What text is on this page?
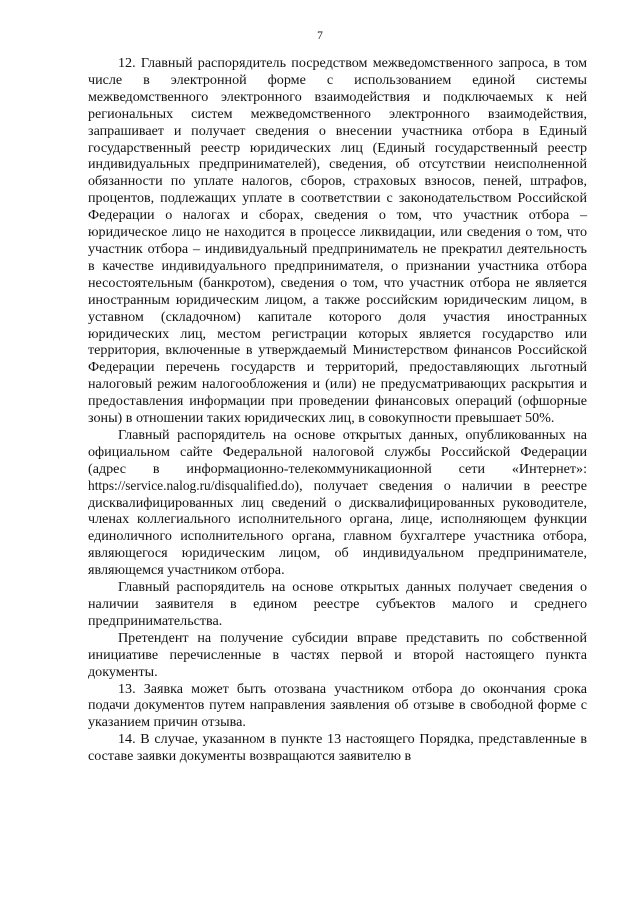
7

12. Главный распорядитель посредством межведомственного запроса, в том числе в электронной форме с использованием единой системы межведомственного электронного взаимодействия и подключаемых к ней региональных систем межведомственного электронного взаимодействия, запрашивает и получает сведения о внесении участника отбора в Единый государственный реестр юридических лиц (Единый государственный реестр индивидуальных предпринимателей), сведения, об отсутствии неисполненной обязанности по уплате налогов, сборов, страховых взносов, пеней, штрафов, процентов, подлежащих уплате в соответствии с законодательством Российской Федерации о налогах и сборах, сведения о том, что участник отбора – юридическое лицо не находится в процессе ликвидации, или сведения о том, что участник отбора – индивидуальный предприниматель не прекратил деятельность в качестве индивидуального предпринимателя, о признании участника отбора несостоятельным (банкротом), сведения о том, что участник отбора не является иностранным юридическим лицом, а также российским юридическим лицом, в уставном (складочном) капитале которого доля участия иностранных юридических лиц, местом регистрации которых является государство или территория, включенные в утверждаемый Министерством финансов Российской Федерации перечень государств и территорий, предоставляющих льготный налоговый режим налогообложения и (или) не предусматривающих раскрытия и предоставления информации при проведении финансовых операций (офшорные зоны) в отношении таких юридических лиц, в совокупности превышает 50%.

Главный распорядитель на основе открытых данных, опубликованных на официальном сайте Федеральной налоговой службы Российской Федерации (адрес в информационно-телекоммуникационной сети «Интернет»: https://service.nalog.ru/disqualified.do), получает сведения о наличии в реестре дисквалифицированных лиц сведений о дисквалифицированных руководителе, членах коллегиального исполнительного органа, лице, исполняющем функции единоличного исполнительного органа, главном бухгалтере участника отбора, являющегося юридическим лицом, об индивидуальном предпринимателе, являющемся участником отбора.

Главный распорядитель на основе открытых данных получает сведения о наличии заявителя в едином реестре субъектов малого и среднего предпринимательства.

Претендент на получение субсидии вправе представить по собственной инициативе перечисленные в частях первой и второй настоящего пункта документы.

13. Заявка может быть отозвана участником отбора до окончания срока подачи документов путем направления заявления об отзыве в свободной форме с указанием причин отзыва.

14. В случае, указанном в пункте 13 настоящего Порядка, представленные в составе заявки документы возвращаются заявителю в
